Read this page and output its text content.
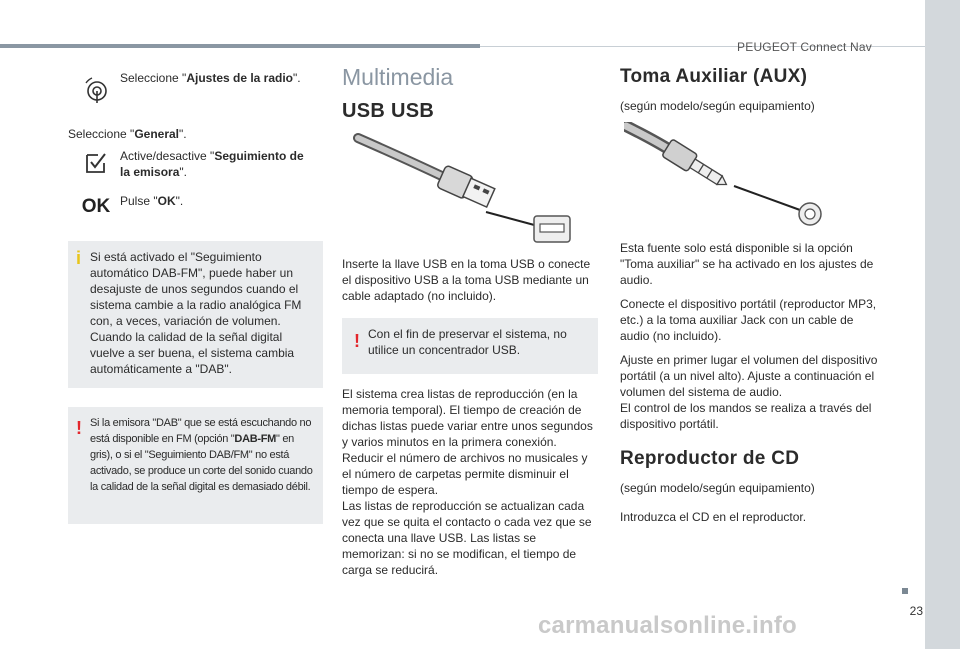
PEUGEOT Connect Nav
23
Seleccione "Ajustes de la radio".
Seleccione "General".
Active/desactive "Seguimiento de la emisora".
OK Pulse "OK".
i Si está activado el "Seguimiento automático DAB-FM", puede haber un desajuste de unos segundos cuando el sistema cambie a la radio analógica FM con, a veces, variación de volumen. Cuando la calidad de la señal digital vuelve a ser buena, el sistema cambia automáticamente a "DAB".
! Si la emisora "DAB" que se está escuchando no está disponible en FM (opción "DAB-FM" en gris), o si el "Seguimiento DAB/FM" no está activado, se produce un corte del sonido cuando la calidad de la señal digital es demasiado débil.
Multimedia
USB USB
Inserte la llave USB en la toma USB o conecte el dispositivo USB a la toma USB mediante un cable adaptado (no incluido).
! Con el fin de preservar el sistema, no utilice un concentrador USB.
El sistema crea listas de reproducción (en la memoria temporal). El tiempo de creación de dichas listas puede variar entre unos segundos y varios minutos en la primera conexión.
Reducir el número de archivos no musicales y el número de carpetas permite disminuir el tiempo de espera.
Las listas de reproducción se actualizan cada vez que se quita el contacto o cada vez que se conecta una llave USB. Las listas se memorizan: si no se modifican, el tiempo de carga se reducirá.
Toma Auxiliar (AUX)
(según modelo/según equipamiento)
Esta fuente solo está disponible si la opción "Toma auxiliar" se ha activado en los ajustes de audio.
Conecte el dispositivo portátil (reproductor MP3, etc.) a la toma auxiliar Jack con un cable de audio (no incluido).
Ajuste en primer lugar el volumen del dispositivo portátil (a un nivel alto). Ajuste a continuación el volumen del sistema de audio.
El control de los mandos se realiza a través del dispositivo portátil.
Reproductor de CD
(según modelo/según equipamiento)
Introduzca el CD en el reproductor.
carmanualsonline.info
